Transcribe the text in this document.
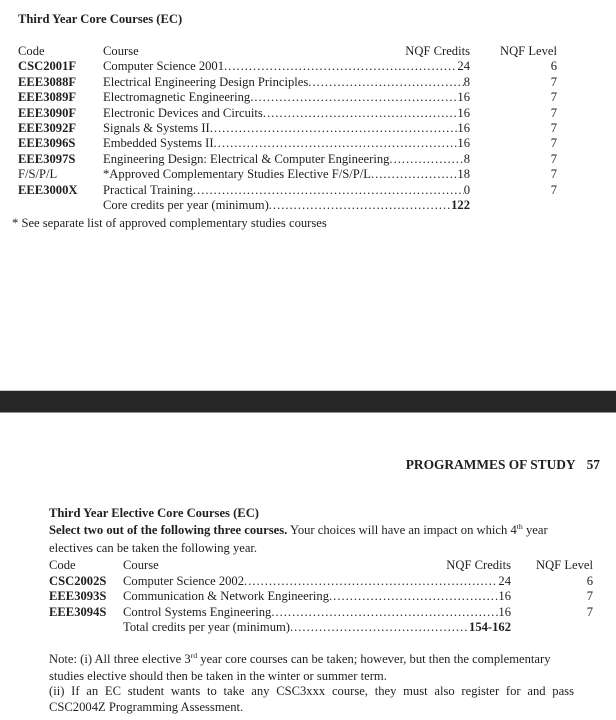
Third Year Core Courses (EC)
Code	Course	NQF Credits	NQF Level
CSC2001F	Computer Science 2001 .....	24	6
EEE3088F	Electrical Engineering Design Principles .....	8	7
EEE3089F	Electromagnetic Engineering .....	16	7
EEE3090F	Electronic Devices and Circuits .....	16	7
EEE3092F	Signals & Systems II .....	16	7
EEE3096S	Embedded Systems II .....	16	7
EEE3097S	Engineering Design: Electrical & Computer Engineering .....	8	7
F/S/P/L	*Approved Complementary Studies Elective F/S/P/L .....	18	7
EEE3000X	Practical Training .....	0	7
Core credits per year (minimum) .....	122
* See separate list of approved complementary studies courses
PROGRAMMES OF STUDY 57
Third Year Elective Core Courses (EC)
Select two out of the following three courses. Your choices will have an impact on which 4th year
electives can be taken the following year.
Code	Course	NQF Credits	NQF Level
CSC2002S	Computer Science 2002 .....	24	6
EEE3093S	Communication & Network Engineering .....	16	7
EEE3094S	Control Systems Engineering .....	16	7
Total credits per year (minimum) .....	154-162
Note: (i) All three elective 3rd year core courses can be taken; however, but then the complementary
studies elective should then be taken in the winter or summer term.
(ii) If an EC student wants to take any CSC3xxx course, they must also register for and pass
CSC2004Z Programming Assessment.
